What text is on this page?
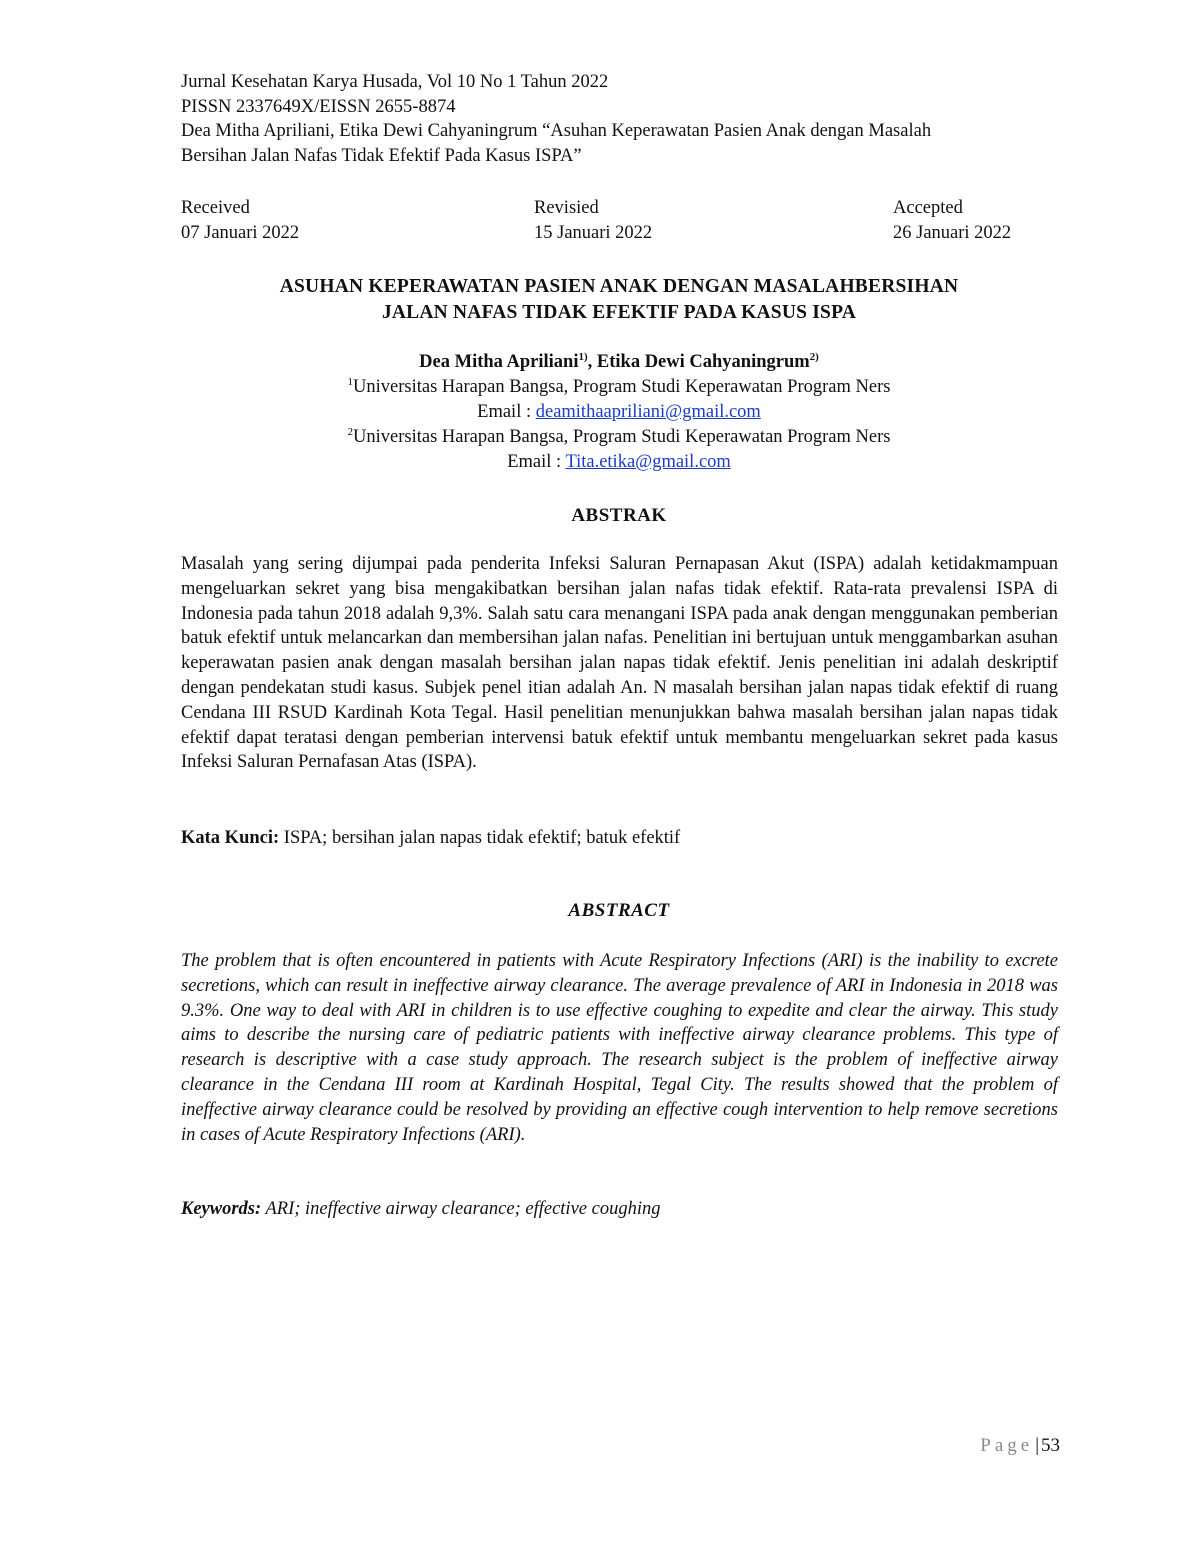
Jurnal Kesehatan Karya Husada, Vol 10 No 1 Tahun 2022
PISSN 2337649X/EISSN 2655-8874
Dea Mitha Apriliani, Etika Dewi Cahyaningrum “Asuhan Keperawatan Pasien Anak dengan Masalah
Bersihan Jalan Nafas Tidak Efektif Pada Kasus ISPA”
Received
07 Januari 2022
Revisied
15 Januari 2022
Accepted
26 Januari 2022
ASUHAN KEPERAWATAN PASIEN ANAK DENGAN MASALAHBERSIHAN
JALAN NAFAS TIDAK EFEKTIF PADA KASUS ISPA
Dea Mitha Apriliani$^{1)}$, Etika Dewi Cahyaningrum$^{2)}$
$^1$Universitas Harapan Bangsa, Program Studi Keperawatan Program Ners
Email : deamithaapriliani@gmail.com
$^2$Universitas Harapan Bangsa, Program Studi Keperawatan Program Ners
Email : Tita.etika@gmail.com
ABSTRAK
Masalah yang sering dijumpai pada penderita Infeksi Saluran Pernapasan Akut (ISPA) adalah ketidakmampuan mengeluarkan sekret yang bisa mengakibatkan bersihan jalan nafas tidak efektif. Rata-rata prevalensi ISPA di Indonesia pada tahun 2018 adalah 9,3%. Salah satu cara menangani ISPA pada anak dengan menggunakan pemberian batuk efektif untuk melancarkan dan membersihan jalan nafas. Penelitian ini bertujuan untuk menggambarkan asuhan keperawatan pasien anak dengan masalah bersihan jalan napas tidak efektif. Jenis penelitian ini adalah deskriptif dengan pendekatan studi kasus. Subjek penel itian adalah An. N masalah bersihan jalan napas tidak efektif di ruang Cendana III RSUD Kardinah Kota Tegal. Hasil penelitian menunjukkan bahwa masalah bersihan jalan napas tidak efektif dapat teratasi dengan pemberian intervensi batuk efektif untuk membantu mengeluarkan sekret pada kasus Infeksi Saluran Pernafasan Atas (ISPA).
Kata Kunci: ISPA; bersihan jalan napas tidak efektif; batuk efektif
ABSTRACT
The problem that is often encountered in patients with Acute Respiratory Infections (ARI) is the inability to excrete secretions, which can result in ineffective airway clearance. The average prevalence of ARI in Indonesia in 2018 was 9.3%. One way to deal with ARI in children is to use effective coughing to expedite and clear the airway. This study aims to describe the nursing care of pediatric patients with ineffective airway clearance problems. This type of research is descriptive with a case study approach. The research subject is the problem of ineffective airway clearance in the Cendana III room at Kardinah Hospital, Tegal City. The results showed that the problem of ineffective airway clearance could be resolved by providing an effective cough intervention to help remove secretions in cases of Acute Respiratory Infections (ARI).
Keywords: ARI; ineffective airway clearance; effective coughing
Page | 53
